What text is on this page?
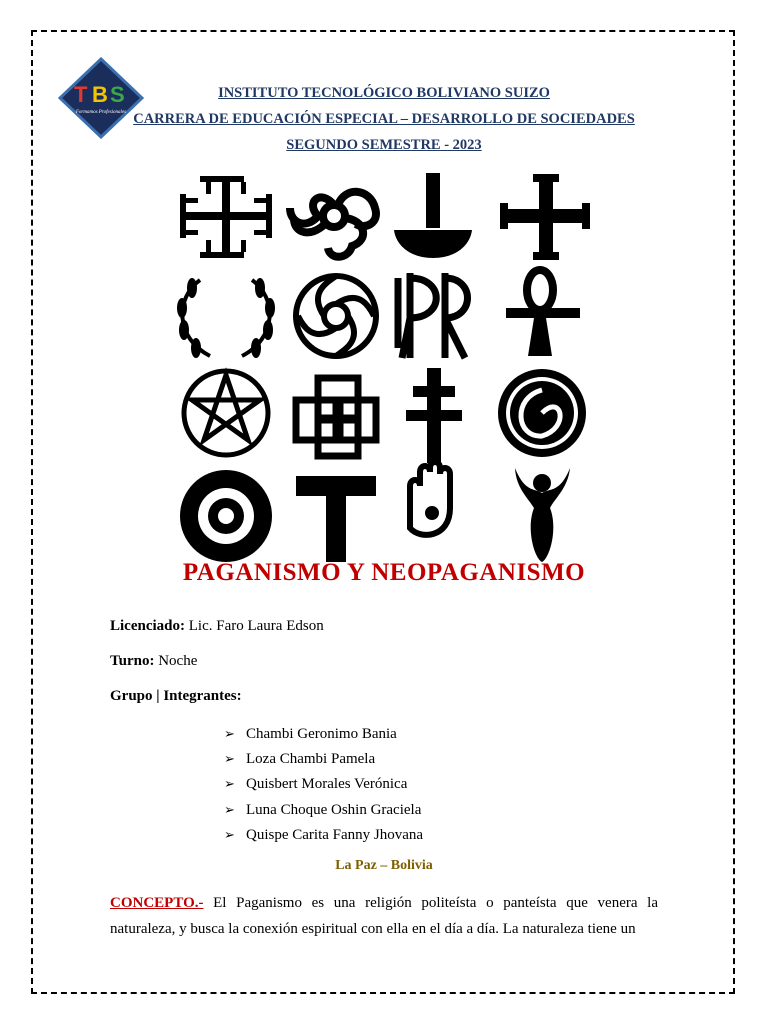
T B S
Formamos Profesionales
INSTITUTO TECNOLÓGICO BOLIVIANO SUIZO
CARRERA DE EDUCACIÓN ESPECIAL – DESARROLLO DE SOCIEDADES
SEGUNDO SEMESTRE - 2023
PAGANISMO Y NEOPAGANISMO
Licenciado: Lic. Faro Laura Edson
Turno: Noche
Grupo | Integrantes:
➢ Chambi Geronimo Bania
➢ Loza Chambi Pamela
➢ Quisbert Morales Verónica
➢ Luna Choque Oshin Graciela
➢ Quispe Carita Fanny Jhovana
La Paz – Bolivia
CONCEPTO.- El Paganismo es una religión politeísta o panteísta que venera la naturaleza, y busca la conexión espiritual con ella en el día a día. La naturaleza tiene un
